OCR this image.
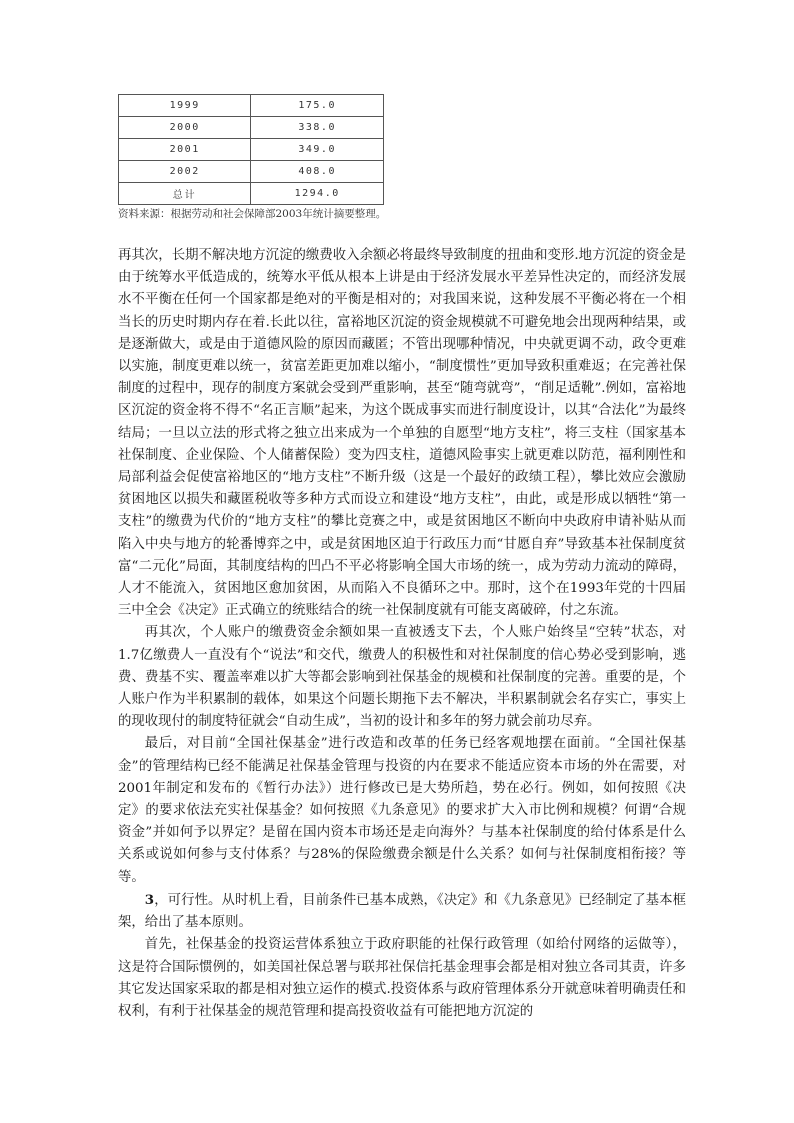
1999	175.0
2000	338.0
2001	349.0
2002	408.0
总计	1294.0
资料来源：根据劳动和社会保障部2003年统计摘要整理。

再其次，长期不解决地方沉淀的缴费收入余额必将最终导致制度的扭曲和变形.地方沉淀的资金是由于统筹水平低造成的，统筹水平低从根本上讲是由于经济发展水平差异性决定的，而经济发展水不平衡在任何一个国家都是绝对的平衡是相对的；对我国来说，这种发展不平衡必将在一个相当长的历史时期内存在着.长此以往，富裕地区沉淀的资金规模就不可避免地会出现两种结果，或是逐渐做大，或是由于道德风险的原因而藏匿；不管出现哪种情况，中央就更调不动，政令更难以实施，制度更难以统一，贫富差距更加难以缩小，“制度惯性”更加导致积重难返；在完善社保制度的过程中，现存的制度方案就会受到严重影响，甚至“随弯就弯”，“削足适靴”.例如，富裕地区沉淀的资金将不得不“名正言顺”起来，为这个既成事实而进行制度设计，以其“合法化”为最终结局；一旦以立法的形式将之独立出来成为一个单独的自愿型“地方支柱”，将三支柱（国家基本社保制度、企业保险、个人储蓄保险）变为四支柱，道德风险事实上就更难以防范，福利刚性和局部利益会促使富裕地区的“地方支柱”不断升级（这是一个最好的政绩工程），攀比效应会激励贫困地区以损失和藏匿税收等多种方式而设立和建设“地方支柱”，由此，或是形成以牺牲“第一支柱”的缴费为代价的“地方支柱”的攀比竞赛之中，或是贫困地区不断向中央政府申请补贴从而陷入中央与地方的轮番博弈之中，或是贫困地区迫于行政压力而“甘愿自弃”导致基本社保制度贫富“二元化”局面，其制度结构的凹凸不平必将影响全国大市场的统一，成为劳动力流动的障碍，人才不能流入，贫困地区愈加贫困，从而陷入不良循环之中。那时，这个在1993年党的十四届三中全会《决定》正式确立的统账结合的统一社保制度就有可能支离破碎，付之东流。

再其次，个人账户的缴费资金余额如果一直被透支下去，个人账户始终呈“空转”状态，对1.7亿缴费人一直没有个“说法”和交代，缴费人的积极性和对社保制度的信心势必受到影响，逃费、费基不实、覆盖率难以扩大等都会影响到社保基金的规模和社保制度的完善。重要的是，个人账户作为半积累制的载体，如果这个问题长期拖下去不解决，半积累制就会名存实亡，事实上的现收现付的制度特征就会“自动生成”，当初的设计和多年的努力就会前功尽弃。

最后，对目前“全国社保基金”进行改造和改革的任务已经客观地摆在面前。“全国社保基金”的管理结构已经不能满足社保基金管理与投资的内在要求不能适应资本市场的外在需要，对2001年制定和发布的《暂行办法》）进行修改已是大势所趋，势在必行。例如，如何按照《决定》的要求依法充实社保基金？如何按照《九条意见》的要求扩大入市比例和规模？何谓“合规资金”并如何予以界定？是留在国内资本市场还是走向海外？与基本社保制度的给付体系是什么关系或说如何参与支付体系？与28%的保险缴费余额是什么关系？如何与社保制度相衔接？等等。

3，可行性。从时机上看，目前条件已基本成熟，《决定》和《九条意见》已经制定了基本框架，给出了基本原则。

首先，社保基金的投资运营体系独立于政府职能的社保行政管理（如给付网络的运做等），这是符合国际惯例的，如美国社保总署与联邦社保信托基金理事会都是相对独立各司其责，许多其它发达国家采取的都是相对独立运作的模式.投资体系与政府管理体系分开就意味着明确责任和权利，有利于社保基金的规范管理和提高投资收益有可能把地方沉淀的
